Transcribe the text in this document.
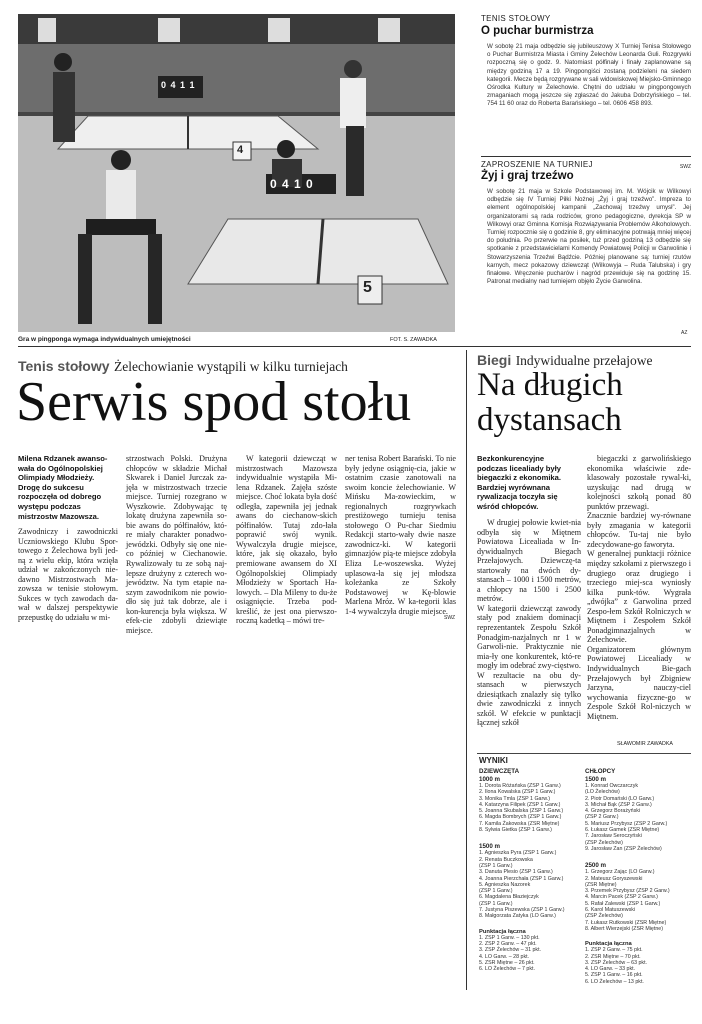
0 4 1 1
0 4 1 0
4
5
Gra w pingponga wymaga indywidualnych umiejętności	FOT. S. ZAWADKA
TENIS STOŁOWY
O puchar burmistrza
W sobotę 21 maja odbędzie się jubileuszowy X Turniej Tenisa Stołowego o Puchar Burmistrza Miasta i Gminy Żelechów Leonarda Guli. Rozgrywki rozpoczną się o godz. 9. Natomiast półfinały i finały zaplanowane są między godziną 17 a 19. Pingpongiści zostaną podzieleni na siedem kategorii. Mecze będą rozgrywane w sali widowiskowej Miejsko-Gminnego Ośrodka Kultury w Żelechowie. Chętni do udziału w pingpongowych zmaganiach mogą jeszcze się zgłaszać do Jakuba Dobrzyńskiego – tel. 754 11 60 oraz do Roberta Barańskiego – tel. 0606 458 893.
SWZ
ZAPROSZENIE NA TURNIEJ
Żyj i graj trzeźwo
W sobotę 21 maja w Szkole Podstawowej im. M. Wójcik w Wilkowyi odbędzie się IV Turniej Piłki Nożnej „Żyj i graj trzeźwo”. Impreza to element ogólnopolskiej kampanii „Zachowaj trzeźwy umysł”. Jej organizatorami są rada rodziców, grono pedagogiczne, dyrekcja SP w Wilkowyi oraz Gminna Komisja Rozwiązywania Problemów Alkoholowych. Turniej rozpocznie się o godzinie 8, gry eliminacyjne potrwają mniej więcej do południa. Po przerwie na posiłek, tuż przed godziną 13 odbędzie się spotkanie z przedstawicielami Komendy Powiatowej Policji w Garwolinie i Stowarzyszenia Trzeźwi Bądźcie. Później planowane są: turniej rzutów karnych, mecz pokazowy dziewcząt (Wilkowyja – Ruda Talubska) i gry finałowe. Wręczenie pucharów i nagród przewiduje się na godzinę 15. Patronat medialny nad turniejem objęło Życie Garwolina.
AZ
Tenis stołowy Żelechowianie wystąpili w kilku turniejach
Serwis spod stołu
Milena Rdzanek awanso-
wała do Ogólnopolskiej
Olimpiady Młodzieży.
Drogę do sukcesu
rozpoczęła od dobrego
występu podczas
mistrzostw Mazowsza.
Zawodniczy i zawodniczki Uczniowskiego Klubu Spor-towego z Żelechowa byli jed-ną z wielu ekip, która wzięła udział w zakończonych nie-dawno Mistrzostwach Ma-zowsza w tenisie stołowym. Sukces w tych zawodach da-wał w dalszej perspektywie przepustkę do udziału w mi-
strzostwach Polski. Drużyna chłopców w składzie Michał Skwarek i Daniel Jurczak za-jęła w mistrzostwach trzecie miejsce. Turniej rozegrano w Wyszkowie. Zdobywając tę lokatę drużyna zapewniła so-bie awans do półfinałów, któ-re miały charakter ponadwo-jewódzki. Odbyły się one nie-co później w Ciechanowie. Rywalizowały tu ze sobą naj-lepsze drużyny z czterech wo-jewództw. Na tym etapie na-szym zawodnikom nie powio-dło się już tak dobrze, ale i kon-kurencja była większa. W efek-cie zdobyli dziewiąte miejsce.
W kategorii dziewcząt w mistrzostwach Mazowsza indywidualnie wystąpiła Mi-lena Rdzanek. Zajęła szóste miejsce. Choć lokata była dość odległa, zapewniła jej jednak awans do ciechanow-skich półfinałów. Tutaj zdo-łała poprawić swój wynik. Wywalczyła drugie miejsce, które, jak się okazało, było premiowane awansem do XI Ogólnopolskiej Olimpiady Młodzieży w Sportach Ha-lowych. – Dla Mileny to du-że osiągnięcie. Trzeba pod-kreślić, że jest ona pierwszo-roczną kadetką – mówi tre-
ner tenisa Robert Barański. To nie były jedyne osiągnię-cia, jakie w ostatnim czasie zanotowali na swoim koncie żelechowianie. W Mińsku Ma-zowieckim, w regionalnych rozgrywkach prestiżowego turnieju tenisa stołowego O Pu-char Siedmiu Redakcji starto-wały dwie nasze zawodnicz-ki. W kategorii gimnazjów pią-te miejsce zdobyła Eliza Le-woszewska. Wyżej uplasowa-ła się jej młodsza koleżanka ze Szkoły Podstawowej w Kę-blowie Marlena Mróz. W ka-tegorii klas 1-4 wywalczyła drugie miejsce.
SWZ
Biegi Indywidualne przełajowe
Na długich
dystansach
Bezkonkurencyjne
podczas licealiady były
biegaczki z ekonomika.
Bardziej wyrównana
rywalizacja toczyła się
wśród chłopców.
W drugiej połowie kwiet-nia odbyła się w Miętnem Powiatowa Licealiada w In-dywidualnych Biegach Przełajowych. Dziewczę-ta startowały na dwóch dy-stansach – 1000 i 1500 metrów, a chłopcy na 1500 i 2500 metrów.
W kategorii dziewcząt zawody stały pod znakiem dominacji reprezentantek Zespołu Szkół Ponadgim-nazjalnych nr 1 w Garwoli-nie. Praktycznie nie mia-ły one konkurentek, któ-re mogły im odebrać zwy-cięstwo.
W rezultacie na obu dy-stansach w pierwszych dziesiątkach znalazły się tylko dwie zawodniczki z innych szkół. W efekcie w punktacji łącznej szkół
biegaczki z garwolińskiego ekonomika właściwie zde-klasowały pozostałe rywal-ki, uzyskując nad drugą w kolejności szkołą ponad 80 punktów przewagi.
Znacznie bardziej wy-równane były zmagania w kategorii chłopców. Tu-taj nie było zdecydowane-go faworyta.
W generalnej punktacji różnice między szkołami z pierwszego i drugiego oraz drugiego i trzeciego miej-sca wyniosły kilka punk-tów. Wygrała „dwójka” z Garwolina przed Zespo-łem Szkół Rolniczych w Miętnem i Zespołem Szkół Ponadgimnazjalnych w Żelechowie.
Organizatorem głównym Powiatowej Licealiady w Indywidualnych Bie-gach Przełajowych był Zbigniew Jarzyna, nauczy-ciel wychowania fizyczne-go w Zespole Szkół Rol-niczych w Miętnem.
SŁAWOMIR ZAWADKA
WYNIKI
DZIEWCZĘTA
1000 m
1. Dorota Różańska (ZSP 1 Garw.)
2. Ilona Kowalska (ZSP 1 Garw.)
3. Monika Tmla (ZSP 1 Garw.)
4. Katarzyna Filipek (ZSP 1 Garw.)
5. Joanna Skubalska (ZSP 1 Garw.)
6. Magda Bombrych (ZSP 1 Garw.)
7. Kamila Żakowska (ZSR Miętne)
8. Sylwia Gietka (ZSP 1 Garw.)
1500 m
1. Agnieszka Pyra (ZSP 1 Garw.)
2. Renata Buczkowska
(ZSP 1 Garw.)
3. Danuta Plesio (ZSP 1 Garw.)
4. Joanna Pierzchała (ZSP 1 Garw.)
5. Agnieszka Nazorek
(ZSP 1 Garw.)
6. Magdalena Błaziejczyk
(ZSP 1 Garw.)
7. Justyna Piszewska (ZSP 1 Garw.)
8. Małgorzata Zatyka (LO Garw.)
Punktacja łączna
1. ZSP 1 Garw. – 130 pkt.
2. ZSP 2 Garw. – 47 pkt.
3. ZSP Żelechów – 31 pkt.
4. LO Garw. – 28 pkt.
5. ZSR Miętne – 26 pkt.
6. LO Żelechów – 7 pkt.
CHŁOPCY
1500 m
1. Konrad Owczarczyk
(LO Żelechów)
2. Piotr Domański (LO Garw.)
3. Michał Bąk (ZSP 2 Garw.)
4. Grzegorz Borażyński
(ZSP 2 Garw.)
5. Mariusz Przybysz (ZSP 2 Garw.)
6. Łukasz Gamek (ZSR Miętne)
7. Jarosław Seroczyński
(ZSP Żelechów)
9. Jarosław Zan (ZSP Żelechów)
2500 m
1. Grzegorz Zając (LO Garw.)
2. Mateusz Goryszewski
(ZSR Miętne)
3. Przemek Przybysz (ZSP 2 Garw.)
4. Marcin Pacek (ZSP 2 Garw.)
5. Rafał Zalewski (ZSP 1 Garw.)
6. Karol Matuszewski
(ZSP Żelechów)
7. Łukasz Rutkowski (ZSR Miętne)
8. Albert Wierzejski (ZSR Miętne)
Punktacja łączna
1. ZSP 2 Garw. – 75 pkt.
2. ZSR Miętne – 70 pkt.
3. ZSP Żelechów – 63 pkt.
4. LO Garw. – 33 pkt.
5. ZSP 1 Garw. – 16 pkt.
6. LO Żelechów – 13 pkt.
